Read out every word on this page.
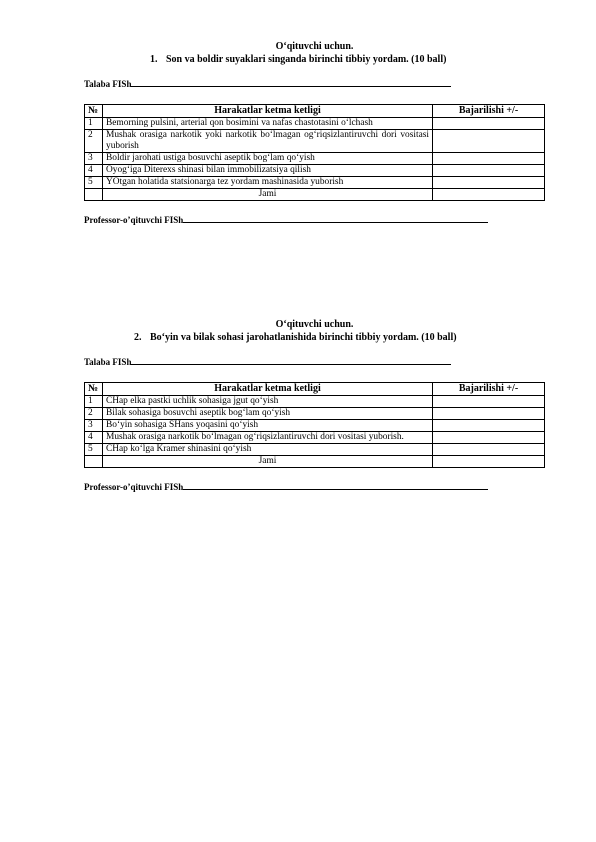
O‘qituvchi uchun.
1. Son va boldir suyaklari singanda birinchi tibbiy yordam. (10 ball)
Talaba FISh
№	Harakatlar ketma ketligi	Bajarilishi +/-
1	Bemorning pulsini, arterial qon bosimini va nafas chastotasini o‘lchash	
2	Mushak orasiga narkotik yoki narkotik bo‘lmagan og‘riqsizlantiruvchi dori vositasi yuborish	
3	Boldir jarohati ustiga bosuvchi aseptik bog‘lam qo‘yish	
4	Oyog‘iga Diterexs shinasi bilan immobilizatsiya qilish	
5	YOtgan holatida statsionarga tez yordam mashinasida yuborish	
	Jami	
Professor-o’qituvchi FISh
O‘qituvchi uchun.
2. Bo‘yin va bilak sohasi jarohatlanishida birinchi tibbiy yordam. (10 ball)
Talaba FISh
№	Harakatlar ketma ketligi	Bajarilishi +/-
1	CHap elka pastki uchlik sohasiga jgut qo‘yish	
2	Bilak sohasiga bosuvchi aseptik bog‘lam qo‘yish	
3	Bo‘yin sohasiga SHans yoqasini qo‘yish	
4	Mushak orasiga narkotik bo‘lmagan og‘riqsizlantiruvchi dori vositasi yuborish.	
5	CHap ko‘lga Kramer shinasini qo‘yish	
	Jami	
Professor-o’qituvchi FISh
